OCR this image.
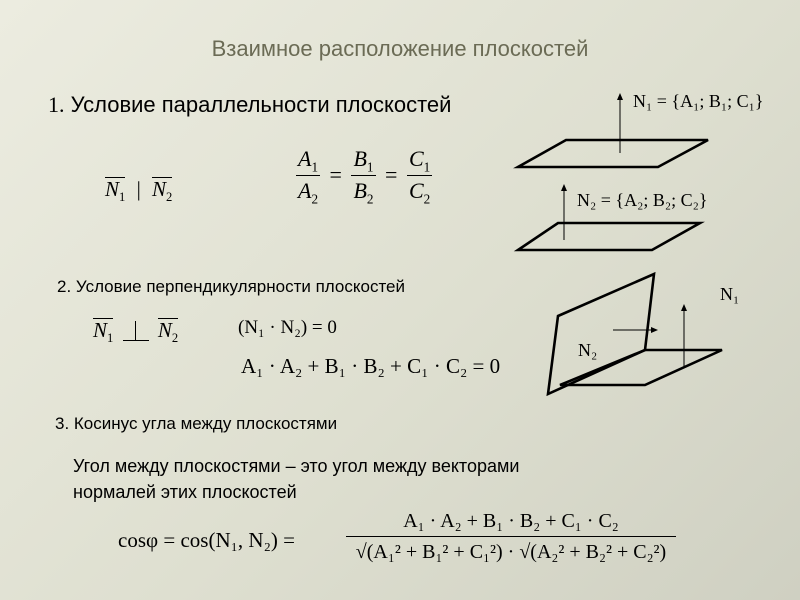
Взаимное расположение плоскостей
1. Условие параллельности плоскостей
$N_1$ | $N_2$	$\frac{A_1}{A_2} = \frac{B_1}{B_2} = \frac{C_1}{C_2}$
2. Условие перпендикулярности плоскостей
$N_1$ $N_2$
(N₁ · N₂) = 0
A₁ · A₂ + B₁ · B₂ + C₁ · C₂ = 0
3. Косинус угла между плоскостями
Угол между плоскостями – это угол между векторами
нормалей этих плоскостей
cosφ = cos(N₁, N₂) =	$\frac{\text{A₁ · A₂ + B₁ · B₂ + C₁ · C₂}}{\text{√(A₁² + B₁² + C₁²) · √(A₂² + B₂² + C₂²)}}$
N₁ = {A₁; B₁; C₁}
N₂ = {A₂; B₂; C₂}
N₁
N₂
